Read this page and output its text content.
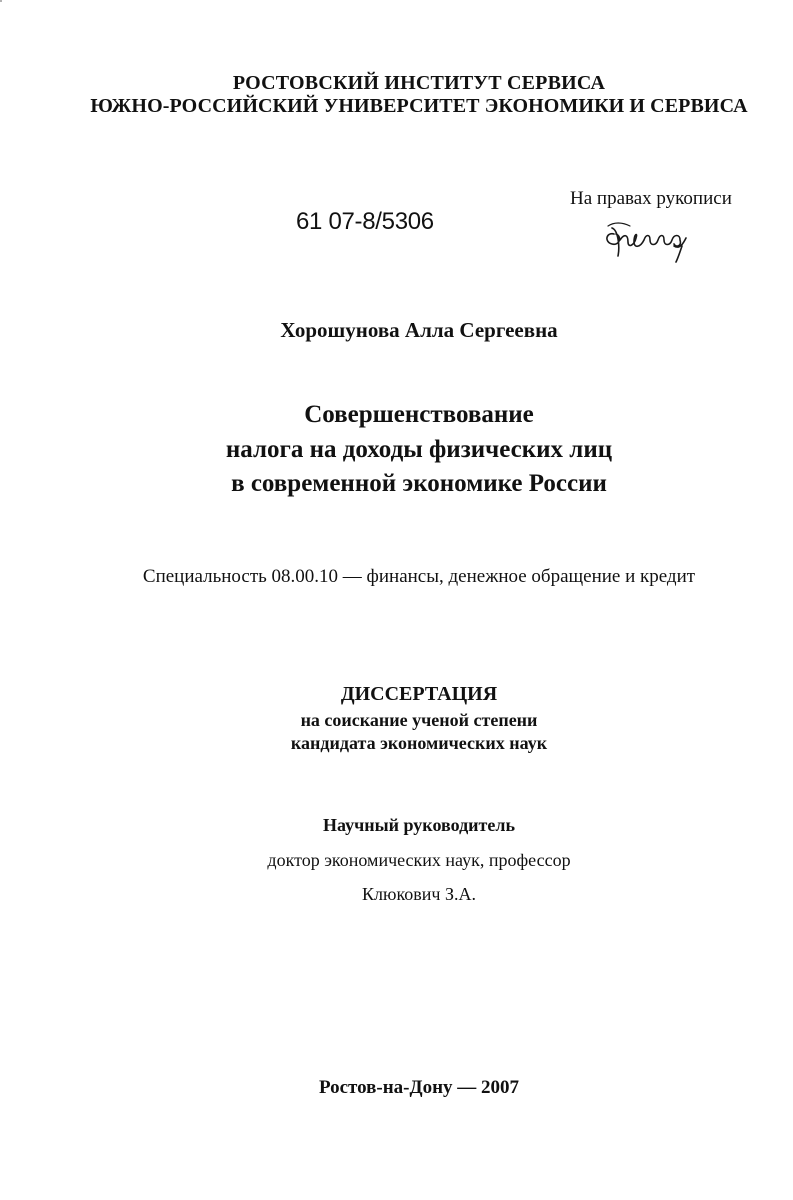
РОСТОВСКИЙ ИНСТИТУТ СЕРВИСА
ЮЖНО-РОССИЙСКИЙ УНИВЕРСИТЕТ ЭКОНОМИКИ И СЕРВИСА
61 07-8/5306
На правах рукописи
Хорошунова Алла Сергеевна
Совершенствование
налога на доходы физических лиц
в современной экономике России
Специальность 08.00.10 — финансы, денежное обращение и кредит
ДИССЕРТАЦИЯ
на соискание ученой степени
кандидата экономических наук
Научный руководитель
доктор экономических наук, профессор
Клюкович З.А.
Ростов-на-Дону — 2007
